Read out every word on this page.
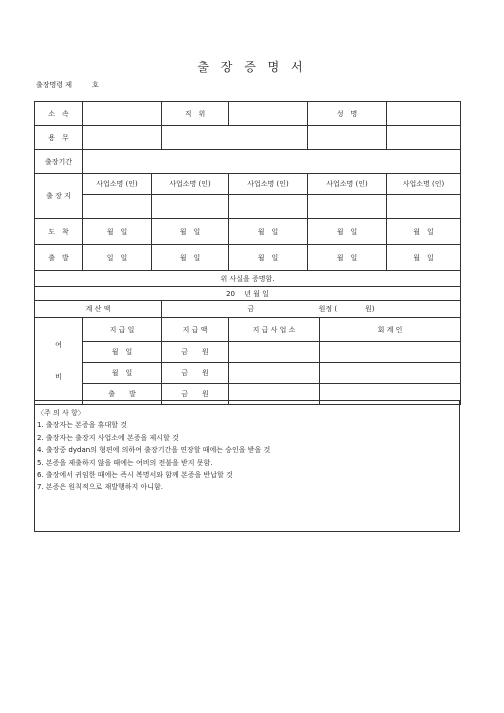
출 장 증 명 서
출장명령 제	호
소　속			직　위		성　명		
용　무							
출장기간							
출 장 지	사업소명 (인)	사업소명 (인)		사업소명 (인)	사업소명 (인)		사업소명 (인)

도　착	월　일	월　일		월　일	월　일		월　일
출　발	일　일	월　일		월　일	월　일		월　일
위 사실을 증명함.							
20　 년 월 일							
계 산 액			금 원정 (　　　　원)				

여
비	지 급 일		지 급 액	지 급 사 업 소		회 계 인	
	월　일		금　　원				
	월　일		금　　원				
	출　　발		금　　원				
〈주 의 사 항〉
1. 출장자는 본증을 휴대할 것
2. 출장자는 출장지 사업소에 본증을 제시할 것
4. 출장중 dydan의 형편에 의하여 출장기간을 연장할 때에는 승인을 받을 것
5. 본증을 제출하지 않을 때에는 여비의 전불을 받지 못함.
6. 출장에서 귀임한 때에는 즉시 복명서와 함께 본증을 반납할 것
7. 본증은 원칙적으로 재발행하지 아니함.
